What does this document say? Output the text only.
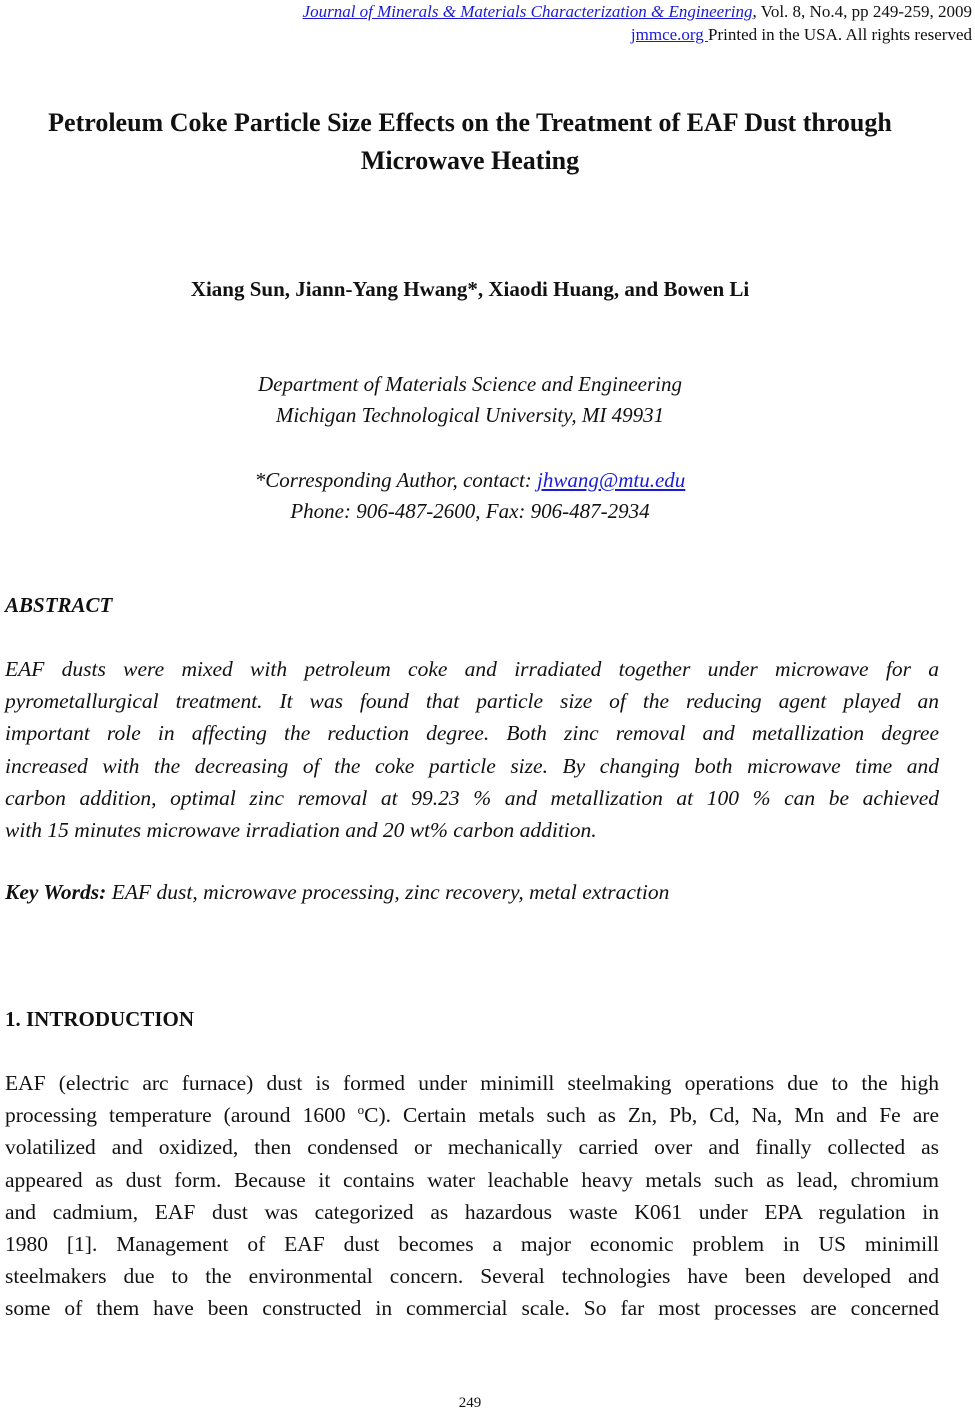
Journal of Minerals & Materials Characterization & Engineering, Vol. 8, No.4, pp 249-259, 2009
jmmce.org Printed in the USA. All rights reserved
Petroleum Coke Particle Size Effects on the Treatment of EAF Dust through
Microwave Heating
Xiang Sun, Jiann-Yang Hwang*, Xiaodi Huang, and Bowen Li
Department of Materials Science and Engineering
Michigan Technological University, MI 49931
*Corresponding Author, contact: jhwang@mtu.edu
Phone: 906-487-2600, Fax: 906-487-2934
ABSTRACT
EAF dusts were mixed with petroleum coke and irradiated together under microwave for a
pyrometallurgical treatment. It was found that particle size of the reducing agent played an
important role in affecting the reduction degree. Both zinc removal and metallization degree
increased with the decreasing of the coke particle size. By changing both microwave time and
carbon addition, optimal zinc removal at 99.23 % and metallization at 100 % can be achieved
with 15 minutes microwave irradiation and 20 wt% carbon addition.
Key Words: EAF dust, microwave processing, zinc recovery, metal extraction
1. INTRODUCTION
EAF (electric arc furnace) dust is formed under minimill steelmaking operations due to the high
processing temperature (around 1600 $^o$C). Certain metals such as Zn, Pb, Cd, Na, Mn and Fe are
volatilized and oxidized, then condensed or mechanically carried over and finally collected as
appeared as dust form. Because it contains water leachable heavy metals such as lead, chromium
and cadmium, EAF dust was categorized as hazardous waste K061 under EPA regulation in
1980 [1]. Management of EAF dust becomes a major economic problem in US minimill
steelmakers due to the environmental concern. Several technologies have been developed and
some of them have been constructed in commercial scale. So far most processes are concerned
249
